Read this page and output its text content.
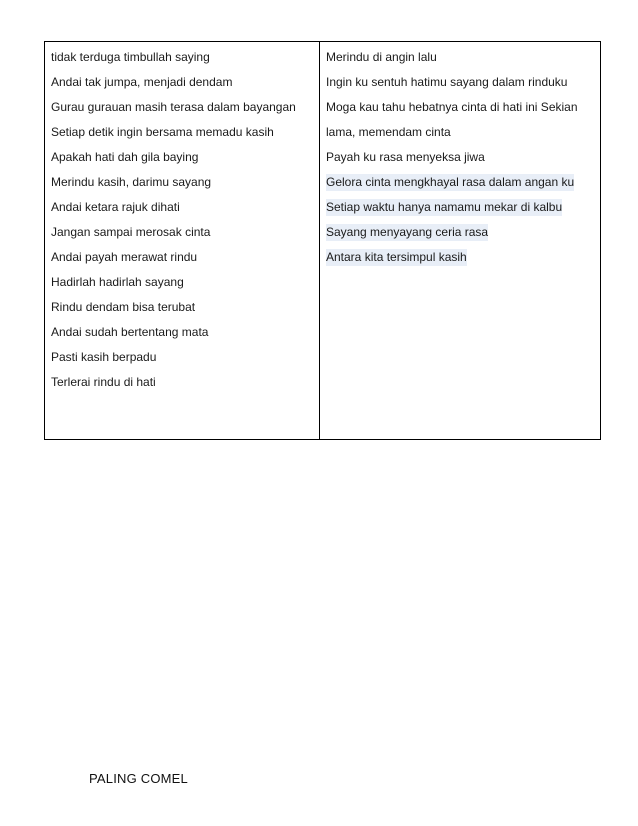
tidak terduga timbullah saying
Andai tak jumpa, menjadi dendam
Gurau gurauan masih terasa dalam bayangan
Setiap detik ingin bersama memadu kasih
Apakah hati dah gila baying
Merindu kasih, darimu sayang
Andai ketara rajuk dihati
Jangan sampai merosak cinta
Andai payah merawat rindu
Hadirlah hadirlah sayang
Rindu dendam bisa terubat
Andai sudah bertentang mata
Pasti kasih berpadu
Terlerai rindu di hati
Merindu di angin lalu
Ingin ku sentuh hatimu sayang dalam rinduku
Moga kau tahu hebatnya cinta di hati ini Sekian
lama, memendam cinta
Payah ku rasa menyeksa jiwa
Gelora cinta mengkhayal rasa dalam angan ku
Setiap waktu hanya namamu mekar di kalbu
Sayang menyayang ceria rasa
Antara kita tersimpul kasih
PALING COMEL
